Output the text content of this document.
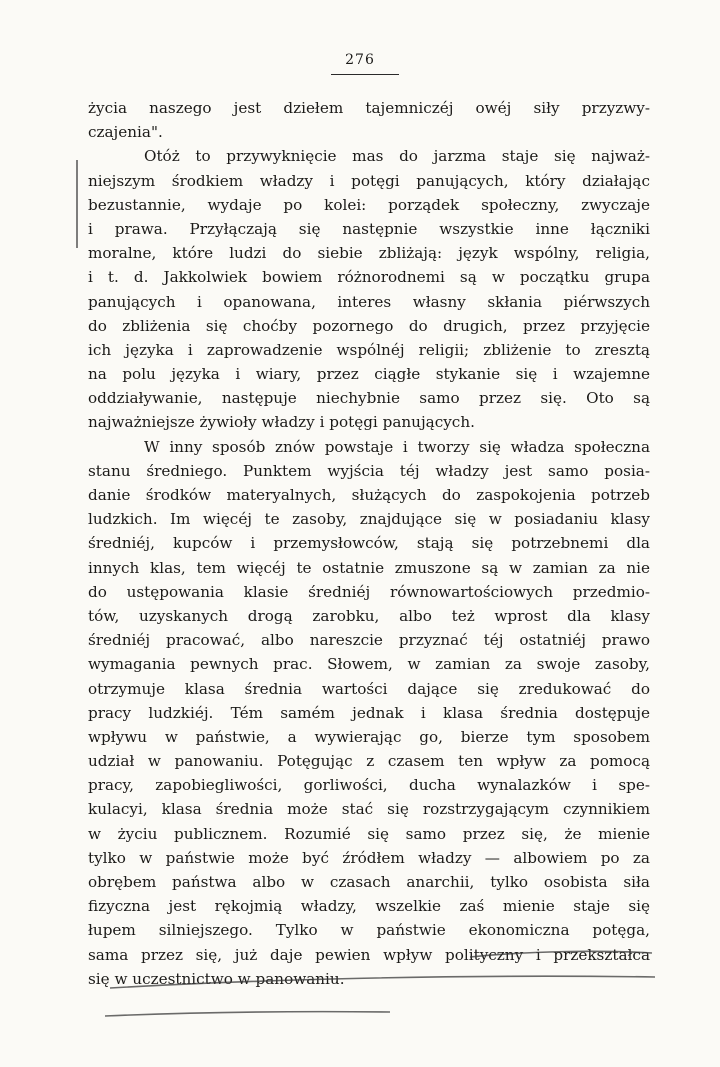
276
życia naszego jest dziełem tajemniczéj owéj siły przyzwy-
czajenia".
Otóż to przywyknięcie mas do jarzma staje się najważ-
niejszym środkiem władzy i potęgi panujących, który działając
bezustannie, wydaje po kolei: porządek społeczny, zwyczaje
i prawa. Przyłączają się następnie wszystkie inne łączniki
moralne, które ludzi do siebie zbliżają: język wspólny, religia,
i t. d. Jakkolwiek bowiem różnorodnemi są w początku grupa
panujących i opanowana, interes własny skłania piérwszych
do zbliżenia się choćby pozornego do drugich, przez przyjęcie
ich języka i zaprowadzenie wspólnéj religii; zbliżenie to zresztą
na polu języka i wiary, przez ciągłe stykanie się i wzajemne
oddziaływanie, następuje niechybnie samo przez się. Oto są
najważniejsze żywioły władzy i potęgi panujących.
W inny sposób znów powstaje i tworzy się władza społeczna
stanu średniego. Punktem wyjścia téj władzy jest samo posia-
danie środków materyalnych, służących do zaspokojenia potrzeb
ludzkich. Im więcéj te zasoby, znajdujące się w posiadaniu klasy
średniéj, kupców i przemysłowców, stają się potrzebnemi dla
innych klas, tem więcéj te ostatnie zmuszone są w zamian za nie
do ustępowania klasie średniéj równowartościowych przedmio-
tów, uzyskanych drogą zarobku, albo też wprost dla klasy
średniéj pracować, albo nareszcie przyznać téj ostatniéj prawo
wymagania pewnych prac. Słowem, w zamian za swoje zasoby,
otrzymuje klasa średnia wartości dające się zredukować do
pracy ludzkiéj. Tém samém jednak i klasa średnia dostępuje
wpływu w państwie, a wywierając go, bierze tym sposobem
udział w panowaniu. Potęgując z czasem ten wpływ za pomocą
pracy, zapobiegliwości, gorliwości, ducha wynalazków i spe-
kulacyi, klasa średnia może stać się rozstrzygającym czynnikiem
w życiu publicznem. Rozumié się samo przez się, że mienie
tylko w państwie może być źródłem władzy — albowiem po za
obrębem państwa albo w czasach anarchii, tylko osobista siła
fizyczna jest rękojmią władzy, wszelkie zaś mienie staje się
łupem silniejszego. Tylko w państwie ekonomiczna potęga,
sama przez się, już daje pewien wpływ polityczny i przekształca
się w uczestnictwo w panowaniu.
